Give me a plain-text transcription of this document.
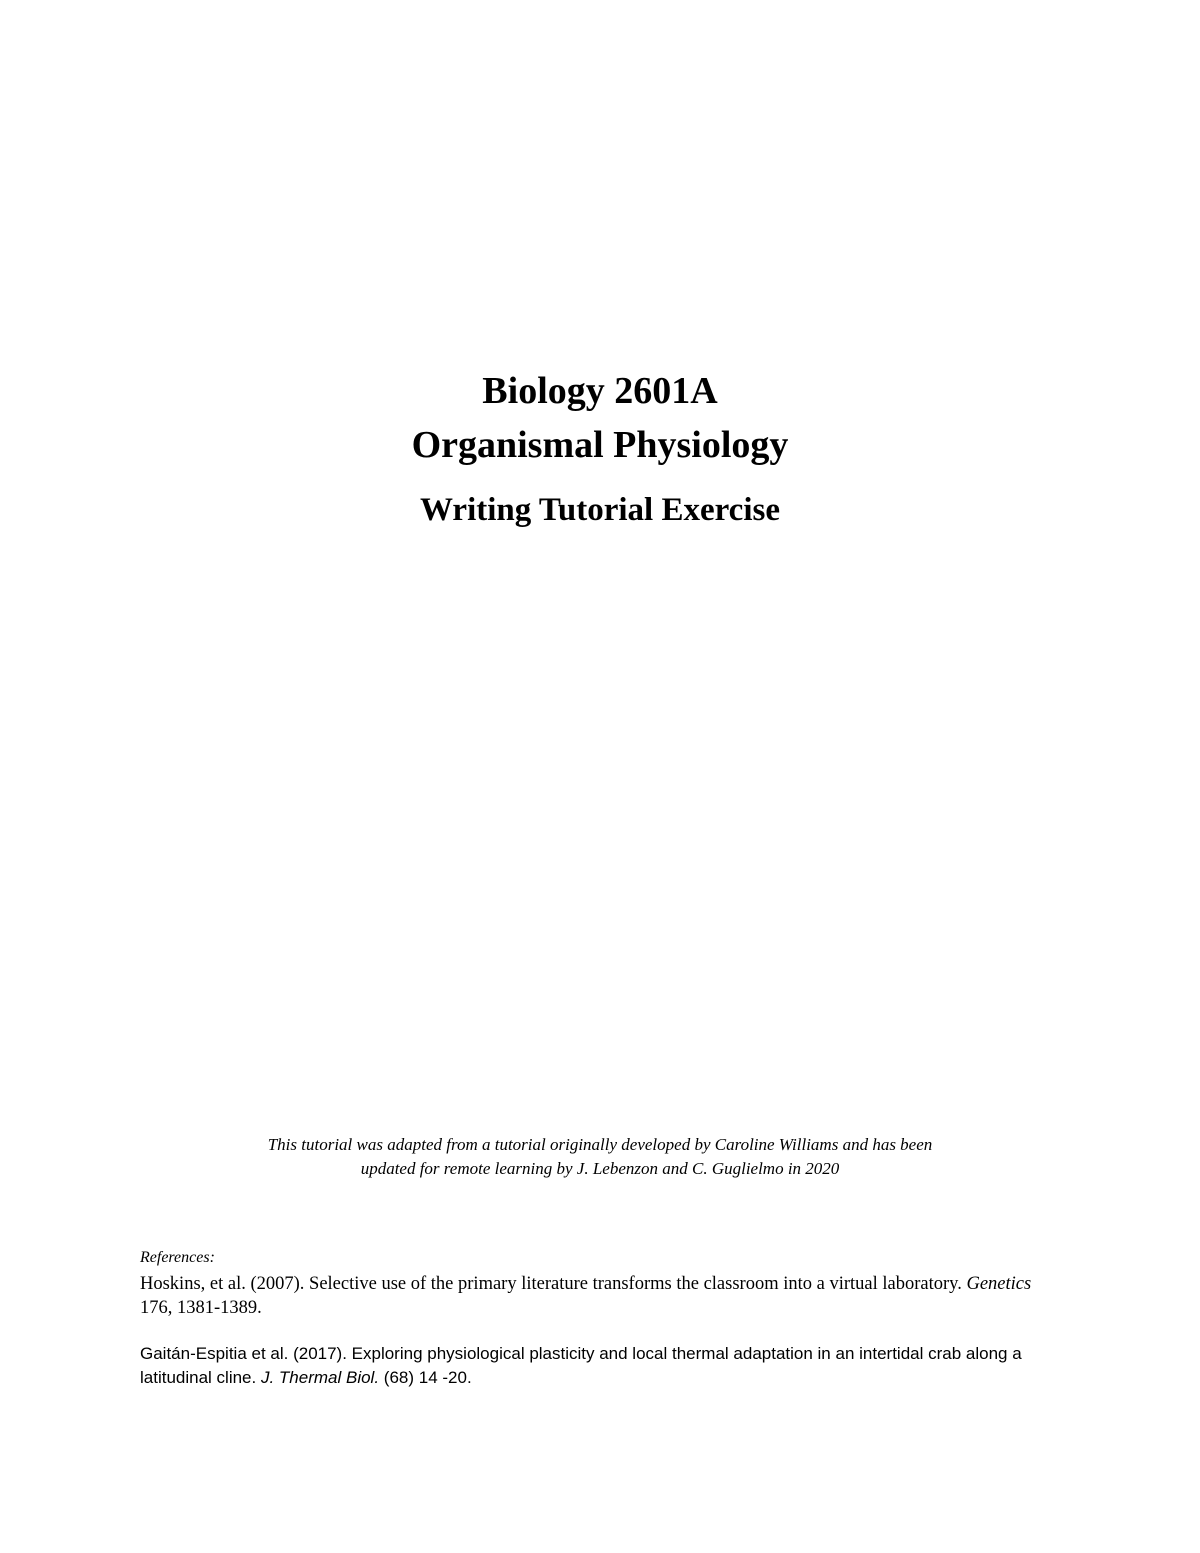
Biology 2601A
Organismal Physiology
Writing Tutorial Exercise
This tutorial was adapted from a tutorial originally developed by Caroline Williams and has been
updated for remote learning by J. Lebenzon and C. Guglielmo in 2020
References:
Hoskins, et al. (2007). Selective use of the primary literature transforms the classroom into a virtual laboratory. Genetics 176, 1381-1389.
Gaitán-Espitia et al. (2017). Exploring physiological plasticity and local thermal adaptation in an intertidal crab along a latitudinal cline. J. Thermal Biol. (68) 14 -20.
